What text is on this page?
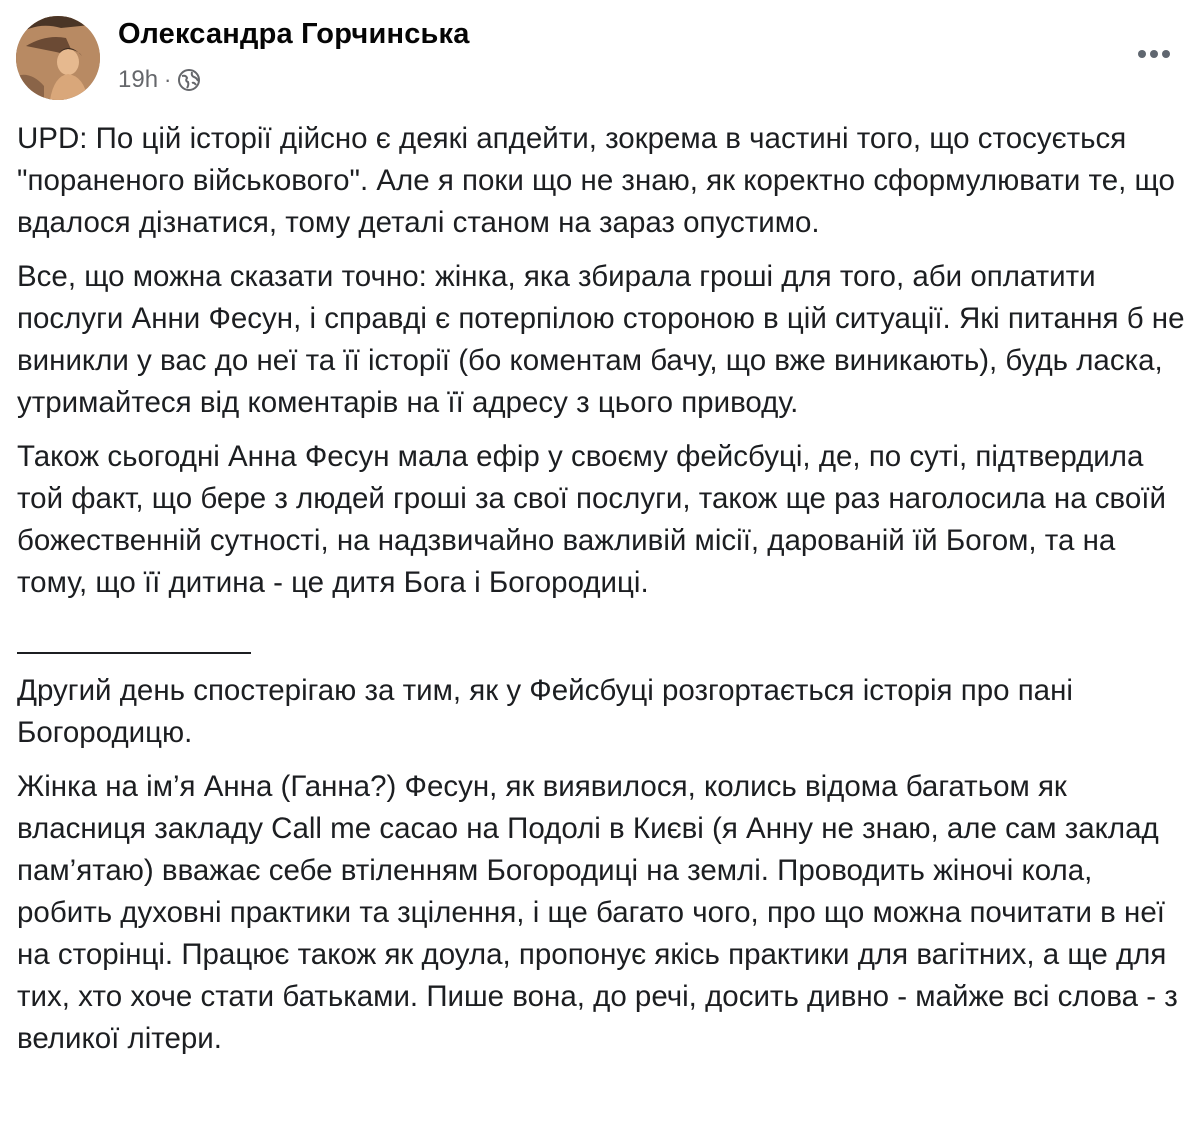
Олександра Горчинська
19h ·

UPD: По цій історії дійсно є деякі апдейти, зокрема в частині того, що стосується "пораненого військового". Але я поки що не знаю, як коректно сформулювати те, що вдалося дізнатися, тому деталі станом на зараз опустимо.

Все, що можна сказати точно: жінка, яка збирала гроші для того, аби оплатити послуги Анни Фесун, і справді є потерпілою стороною в цій ситуації. Які питання б не виникли у вас до неї та її історії (бо коментам бачу, що вже виникають), будь ласка, утримайтеся від коментарів на її адресу з цього приводу.

Також сьогодні Анна Фесун мала ефір у своєму фейсбуці, де, по суті, підтвердила той факт, що бере з людей гроші за свої послуги, також ще раз наголосила на своїй божественній сутності, на надзвичайно важливій місії, дарованій їй Богом, та на тому, що її дитина - це дитя Бога і Богородиці.

Другий день спостерігаю за тим, як у Фейсбуці розгортається історія про пані Богородицю.

Жінка на ім’я Анна (Ганна?) Фесун, як виявилося, колись відома багатьом як власниця закладу Call me сасао на Подолі в Києві (я Анну не знаю, але сам заклад пам’ятаю) вважає себе втіленням Богородиці на землі. Проводить жіночі кола, робить духовні практики та зцілення, і ще багато чого, про що можна почитати в неї на сторінці. Працює також як доула, пропонує якісь практики для вагітних, а ще для тих, хто хоче стати батьками. Пише вона, до речі, досить дивно - майже всі слова - з великої літери.
